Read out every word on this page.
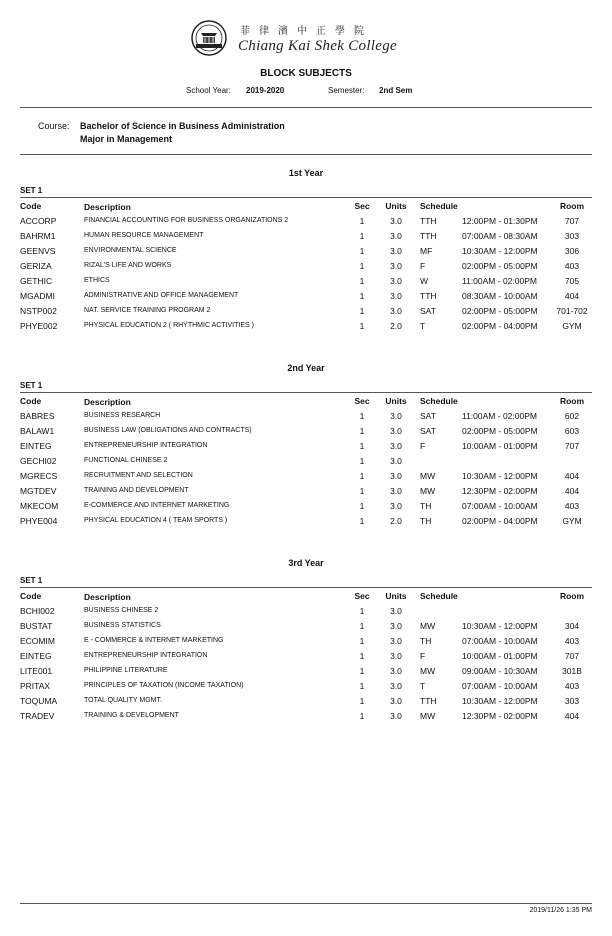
菲律濱中正學院
Chiang Kai Shek College
BLOCK SUBJECTS
School Year: 2019-2020	Semester: 2nd Sem
Course: Bachelor of Science in Business Administration
Major in Management
1st Year
SET 1
Code	Description	Sec Units Schedule	Room
ACCORP	FINANCIAL ACCOUNTING FOR BUSINESS ORGANIZATIONS 2	1	3.0	TTH	12:00PM - 01:30PM	707
BAHRM1	HUMAN RESOURCE MANAGEMENT	1	3.0	TTH	07:00AM - 08:30AM	303
GEENVS	ENVIRONMENTAL SCIENCE	1	3.0	MF	10:30AM - 12:00PM	306
GERIZA	RIZAL'S LIFE AND WORKS	1	3.0	F	02:00PM - 05:00PM	403
GETHIC	ETHICS	1	3.0	W	11:00AM - 02:00PM	705
MGADMI	ADMINISTRATIVE AND OFFICE MANAGEMENT	1	3.0	TTH	08:30AM - 10:00AM	404
NSTP002	NAT. SERVICE TRAINING PROGRAM 2	1	3.0	SAT	02:00PM - 05:00PM	701-702
PHYE002	PHYSICAL EDUCATION 2 ( RHYTHMIC ACTIVITIES )	1	2.0	T	02:00PM - 04:00PM	GYM
2nd Year
SET 1
Code	Description	Sec Units Schedule	Room
BABRES	BUSINESS RESEARCH	1	3.0	SAT	11:00AM - 02:00PM	602
BALAW1	BUSINESS LAW (OBLIGATIONS AND CONTRACTS)	1	3.0	SAT	02:00PM - 05:00PM	603
EINTEG	ENTREPRENEURSHIP INTEGRATION	1	3.0	F	10:00AM - 01:00PM	707
GECHI02	FUNCTIONAL CHINESE 2	1	3.0
MGRECS	RECRUITMENT AND SELECTION	1	3.0	MW	10:30AM - 12:00PM	404
MGTDEV	TRAINING AND DEVELOPMENT	1	3.0	MW	12:30PM - 02:00PM	404
MKECOM	E-COMMERCE AND INTERNET MARKETING	1	3.0	TH	07:00AM - 10:00AM	403
PHYE004	PHYSICAL EDUCATION 4 ( TEAM SPORTS )	1	2.0	TH	02:00PM - 04:00PM	GYM
3rd Year
SET 1
Code	Description	Sec Units Schedule	Room
BCHI002	BUSINESS CHINESE 2	1	3.0
BUSTAT	BUSINESS STATISTICS	1	3.0	MW	10:30AM - 12:00PM	304
ECOMIM	E - COMMERCE & INTERNET MARKETING	1	3.0	TH	07:00AM - 10:00AM	403
EINTEG	ENTREPRENEURSHIP INTEGRATION	1	3.0	F	10:00AM - 01:00PM	707
LITE001	PHILIPPINE LITERATURE	1	3.0	MW	09:00AM - 10:30AM	301B
PRITAX	PRINCIPLES OF TAXATION (INCOME TAXATION)	1	3.0	T	07:00AM - 10:00AM	403
TOQUMA	TOTAL QUALITY MGMT.	1	3.0	TTH	10:30AM - 12:00PM	303
TRADEV	TRAINING & DEVELOPMENT	1	3.0	MW	12:30PM - 02:00PM	404
2019/11/26 1:35 PM
